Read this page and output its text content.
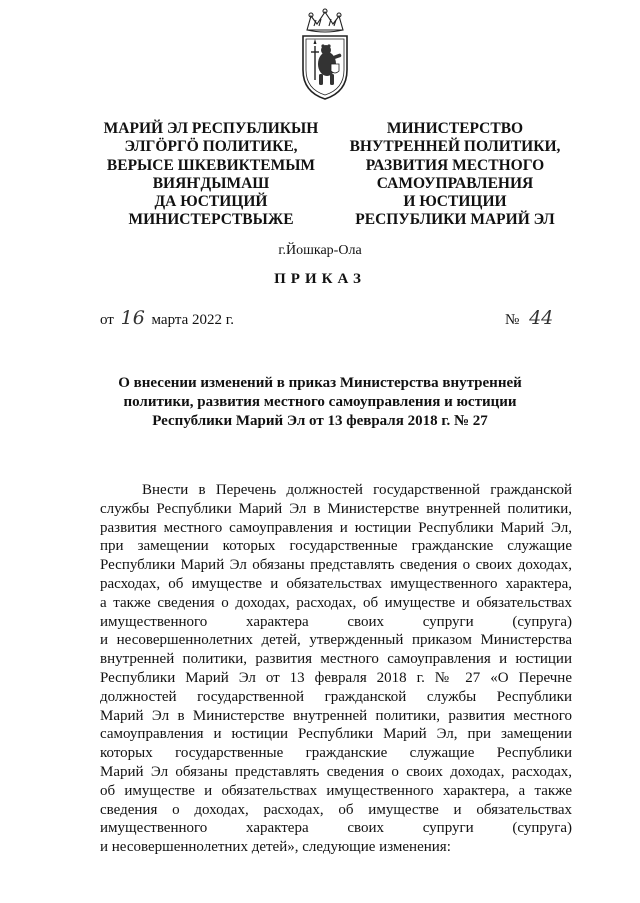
МАРИЙ ЭЛ РЕСПУБЛИКЫН
ЭЛГӦРГӦ ПОЛИТИКЕ,
ВЕРЫСЕ ШКЕВИКТЕМЫМ
ВИЯҤДЫМАШ
ДА ЮСТИЦИЙ
МИНИСТЕРСТВЫЖЕ
МИНИСТЕРСТВО
ВНУТРЕННЕЙ ПОЛИТИКИ,
РАЗВИТИЯ МЕСТНОГО
САМОУПРАВЛЕНИЯ
И ЮСТИЦИИ
РЕСПУБЛИКИ МАРИЙ ЭЛ
г.Йошкар-Ола
ПРИКАЗ
от 16 марта 2022 г.	№ 44
О внесении изменений в приказ Министерства внутренней
политики, развития местного самоуправления и юстиции
Республики Марий Эл от 13 февраля 2018 г. № 27
Внести в Перечень должностей государственной гражданской
службы Республики Марий Эл в Министерстве внутренней политики,
развития местного самоуправления и юстиции Республики Марий Эл,
при замещении которых государственные гражданские служащие
Республики Марий Эл обязаны представлять сведения о своих доходах,
расходах, об имуществе и обязательствах имущественного характера,
а также сведения о доходах, расходах, об имуществе и обязательствах
имущественного характера своих супруги (супруга)
и несовершеннолетних детей, утвержденный приказом Министерства
внутренней политики, развития местного самоуправления и юстиции
Республики Марий Эл от 13 февраля 2018 г. № 27 «О Перечне
должностей государственной гражданской службы Республики
Марий Эл в Министерстве внутренней политики, развития местного
самоуправления и юстиции Республики Марий Эл, при замещении
которых государственные гражданские служащие Республики
Марий Эл обязаны представлять сведения о своих доходах, расходах,
об имуществе и обязательствах имущественного характера, а также
сведения о доходах, расходах, об имуществе и обязательствах
имущественного характера своих супруги (супруга)
и несовершеннолетних детей», следующие изменения:
